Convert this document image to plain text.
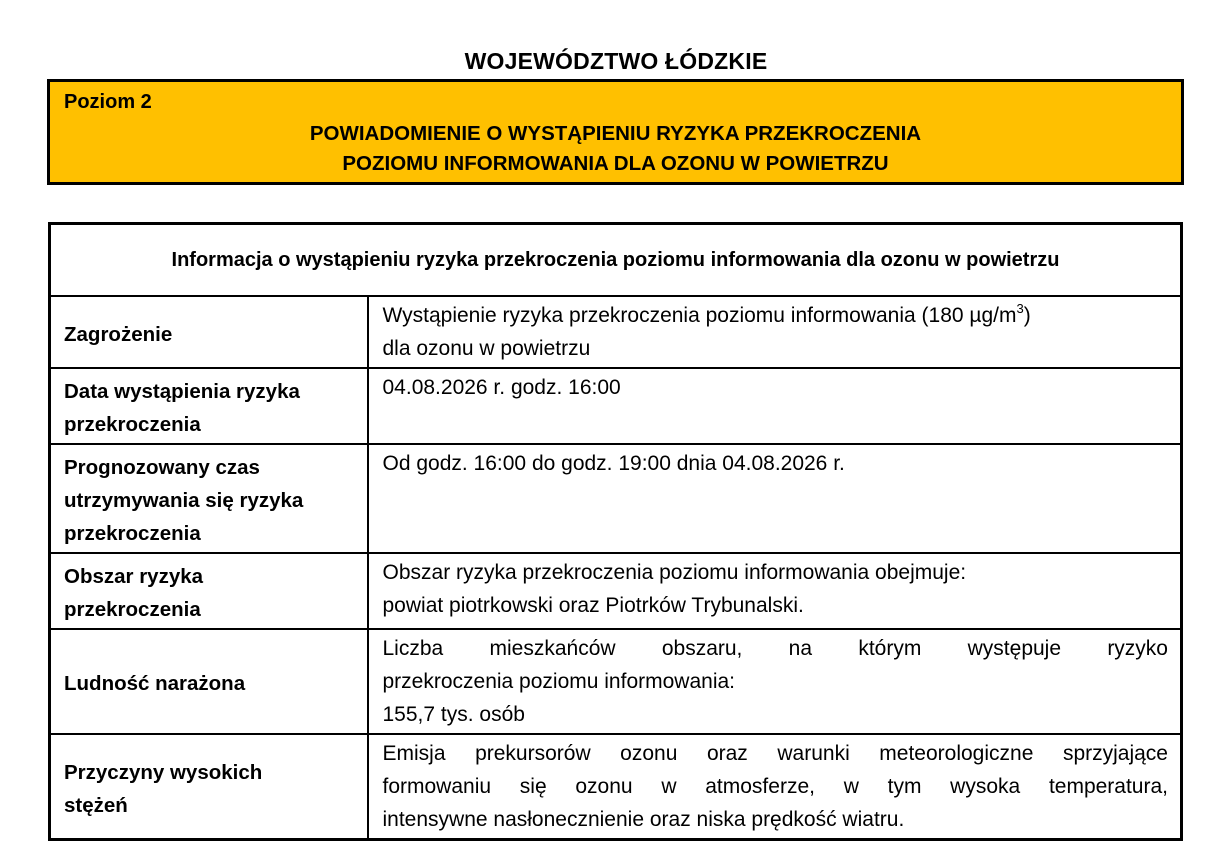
WOJEWÓDZTWO ŁÓDZKIE
Poziom 2
POWIADOMIENIE O WYSTĄPIENIU RYZYKA PRZEKROCZENIA
POZIOMU INFORMOWANIA DLA OZONU W POWIETRZU
Informacja o wystąpieniu ryzyka przekroczenia poziomu informowania dla ozonu w powietrzu	
Zagrożenie	Wystąpienie ryzyka przekroczenia poziomu informowania (180 $\mu g/m^3$)
dla ozonu w powietrzu

Data wystąpienia ryzyka
przekroczenia	04.08.2026 r. godz. 16:00

Prognozowany czas
utrzymywania się ryzyka
przekroczenia	Od godz. 16:00 do godz. 19:00 dnia 04.08.2026 r.

Obszar ryzyka
przekroczenia	Obszar ryzyka przekroczenia poziomu informowania obejmuje:
powiat piotrkowski oraz Piotrków Trybunalski.

Ludność narażona	Liczba mieszkańców obszaru, na którym występuje ryzyko
przekroczenia poziomu informowania:
155,7 tys. osób

Przyczyny wysokich
stężeń	Emisja prekursorów ozonu oraz warunki meteorologiczne sprzyjające
formowaniu się ozonu w atmosferze, w tym wysoka temperatura,
intensywne nasłonecznienie oraz niska prędkość wiatru.
